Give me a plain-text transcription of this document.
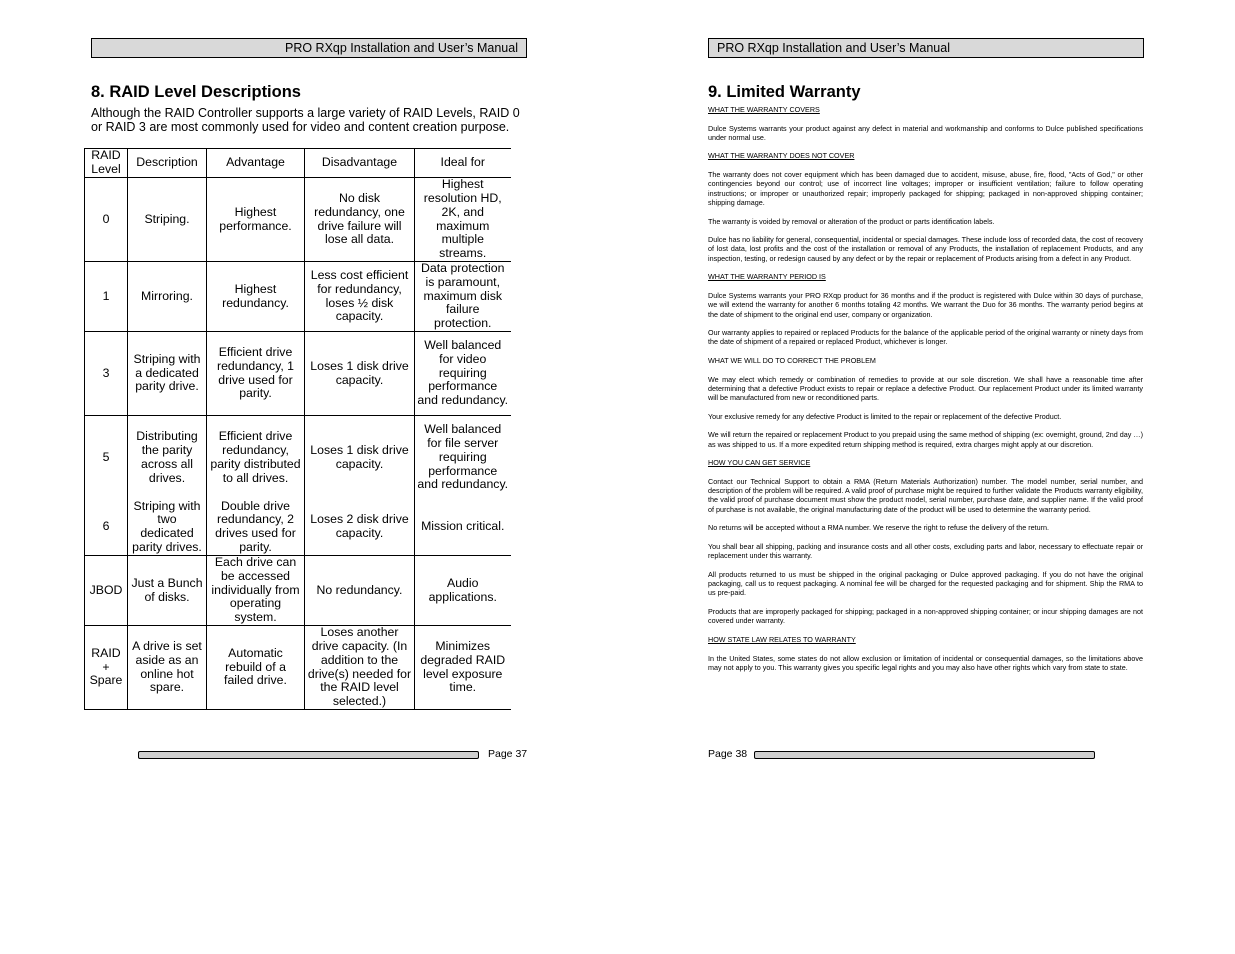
PRO RXqp Installation and User’s Manual	PRO RXqp Installation and User’s Manual
8. RAID Level Descriptions

Although the RAID Controller supports a large variety of RAID Levels, RAID 0 or RAID 3 are most commonly used for video and content creation purpose.

RAID Level	Description	Advantage	Disadvantage	Ideal for
0	Striping.	Highest performance.	No disk redundancy, one drive failure will lose all data.	Highest resolution HD, 2K, and maximum multiple streams.
1	Mirroring.	Highest redundancy.	Less cost efficient for redundancy, loses ½ disk capacity.	Data protection is paramount, maximum disk failure protection.
3	Striping with a dedicated parity drive.	Efficient drive redundancy, 1 drive used for parity.	Loses 1 disk drive capacity.	Well balanced for video requiring performance and redundancy.
5	Distributing the parity across all drives.	Efficient drive redundancy, parity distributed to all drives.	Loses 1 disk drive capacity.	Well balanced for file server requiring performance and redundancy.
6	Striping with two dedicated parity drives.	Double drive redundancy, 2 drives used for parity.	Loses 2 disk drive capacity.	Mission critical.
JBOD	Just a Bunch of disks.	Each drive can be accessed individually from operating system.	No redundancy.	Audio applications.
RAID + Spare	A drive is set aside as an online hot spare.	Automatic rebuild of a failed drive.	Loses another drive capacity. (In addition to the drive(s) needed for the RAID level selected.)	Minimizes degraded RAID level exposure time.
9. Limited Warranty

WHAT THE WARRANTY COVERS

Dulce Systems warrants your product against any defect in material and workmanship and conforms to Dulce published specifications under normal use.

WHAT THE WARRANTY DOES NOT COVER

The warranty does not cover equipment which has been damaged due to accident, misuse, abuse, fire, flood, "Acts of God," or other contingencies beyond our control; use of incorrect line voltages; improper or insufficient ventilation; failure to follow operating instructions; or improper or unauthorized repair; improperly packaged for shipping; packaged in non-approved shipping container; shipping damage.

The warranty is voided by removal or alteration of the product or parts identification labels.

Dulce has no liability for general, consequential, incidental or special damages. These include loss of recorded data, the cost of recovery of lost data, lost profits and the cost of the installation or removal of any Products, the installation of replacement Products, and any inspection, testing, or redesign caused by any defect or by the repair or replacement of Products arising from a defect in any Product.

WHAT THE WARRANTY PERIOD IS

Dulce Systems warrants your PRO RXqp product for 36 months and if the product is registered with Dulce within 30 days of purchase, we will extend the warranty for another 6 months totaling 42 months. We warrant the Duo for 36 months. The warranty period begins at the date of shipment to the original end user, company or organization.

Our warranty applies to repaired or replaced Products for the balance of the applicable period of the original warranty or ninety days from the date of shipment of a repaired or replaced Product, whichever is longer.

WHAT WE WILL DO TO CORRECT THE PROBLEM

We may elect which remedy or combination of remedies to provide at our sole discretion. We shall have a reasonable time after determining that a defective Product exists to repair or replace a defective Product. Our replacement Product under its limited warranty will be manufactured from new or reconditioned parts.

Your exclusive remedy for any defective Product is limited to the repair or replacement of the defective Product.

We will return the repaired or replacement Product to you prepaid using the same method of shipping (ex: overnight, ground, 2nd day …) as was shipped to us. If a more expedited return shipping method is required, extra charges might apply at our discretion.

HOW YOU CAN GET SERVICE

Contact our Technical Support to obtain a RMA (Return Materials Authorization) number. The model number, serial number, and description of the problem will be required. A valid proof of purchase might be required to further validate the Products warranty eligibility, the valid proof of purchase document must show the product model, serial number, purchase date, and supplier name. If the valid proof of purchase is not available, the original manufacturing date of the product will be used to determine the warranty period.

No returns will be accepted without a RMA number. We reserve the right to refuse the delivery of the return.

You shall bear all shipping, packing and insurance costs and all other costs, excluding parts and labor, necessary to effectuate repair or replacement under this warranty.

All products returned to us must be shipped in the original packaging or Dulce approved packaging. If you do not have the original packaging, call us to request packaging. A nominal fee will be charged for the requested packaging and for shipment. Ship the RMA to us pre-paid.

Products that are improperly packaged for shipping; packaged in a non-approved shipping container; or incur shipping damages are not covered under warranty.

HOW STATE LAW RELATES TO WARRANTY

In the United States, some states do not allow exclusion or limitation of incidental or consequential damages, so the limitations above may not apply to you. This warranty gives you specific legal rights and you may also have other rights which vary from state to state.

Page 37	Page 38
